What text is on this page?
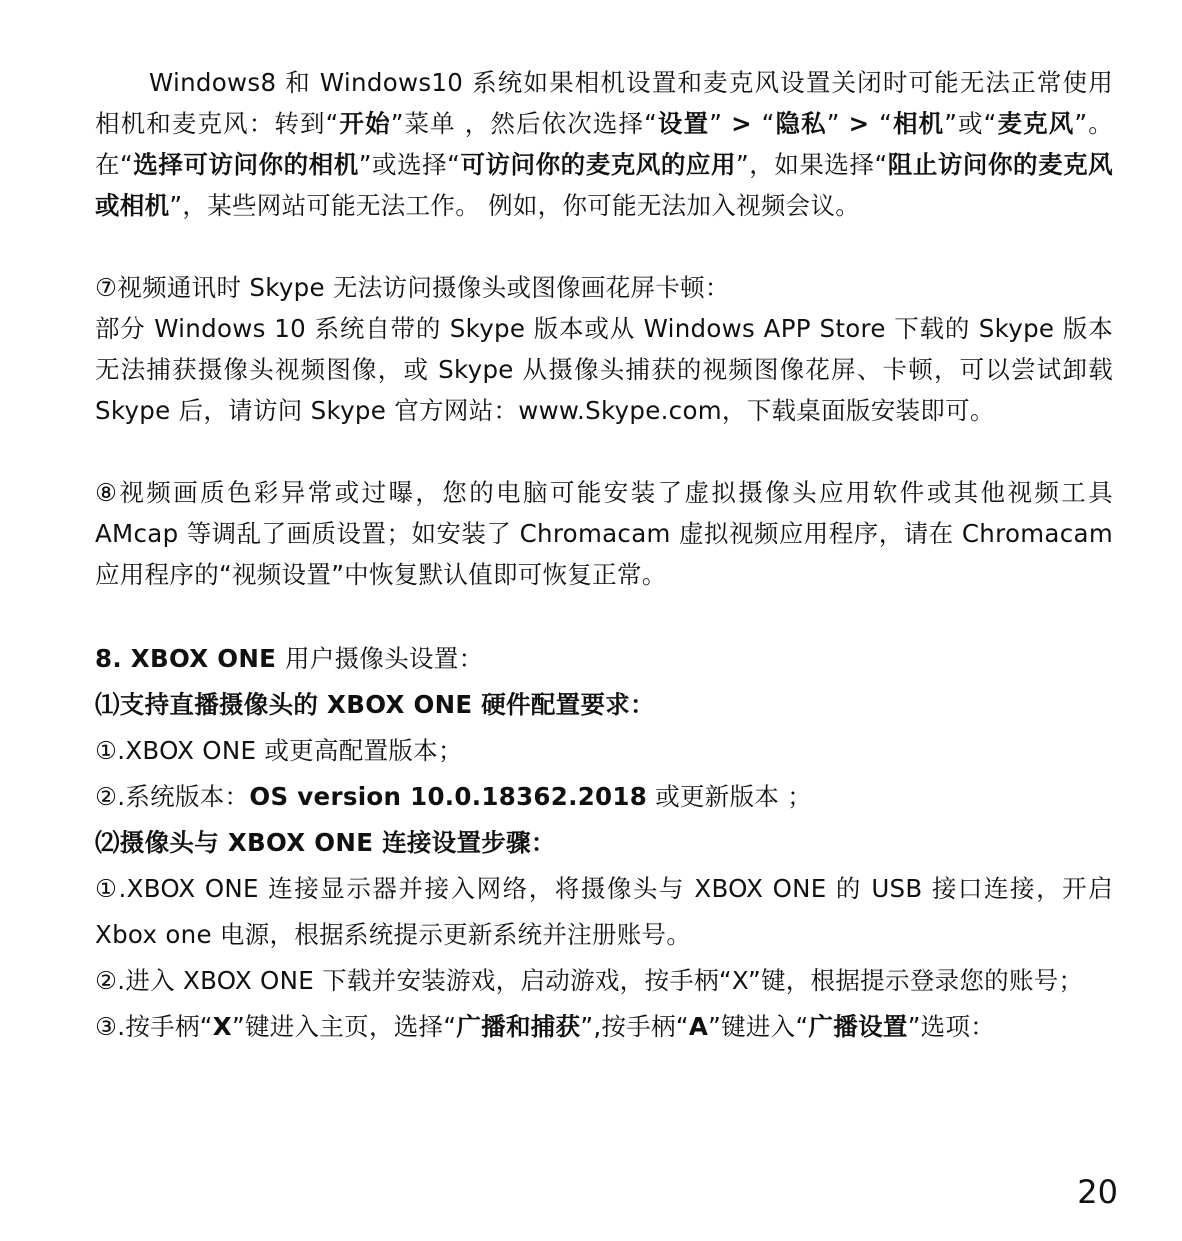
Windows8 和 Windows10 系统如果相机设置和麦克风设置关闭时可能无法正常使用相机和麦克风：转到“开始”菜单 ，然后依次选择“设置” > “隐私” > “相机”或“麦克风”。在“选择可访问你的相机”或选择“可访问你的麦克风的应用”，如果选择“阻止访问你的麦克风或相机”，某些网站可能无法工作。 例如，你可能无法加入视频会议。

⑦视频通讯时 Skype 无法访问摄像头或图像画花屏卡顿：

部分 Windows 10 系统自带的 Skype 版本或从 Windows APP Store 下载的 Skype 版本无法捕获摄像头视频图像，或 Skype 从摄像头捕获的视频图像花屏、卡顿，可以尝试卸载 Skype 后，请访问 Skype 官方网站：www.Skype.com，下载桌面版安装即可。

⑧视频画质色彩异常或过曝，您的电脑可能安装了虚拟摄像头应用软件或其他视频工具 AMcap 等调乱了画质设置；如安装了 Chromacam 虚拟视频应用程序，请在 Chromacam 应用程序的“视频设置”中恢复默认值即可恢复正常。

8. XBOX ONE 用户摄像头设置：

⑴支持直播摄像头的 XBOX ONE 硬件配置要求：

①.XBOX ONE 或更高配置版本；

②.系统版本：OS version 10.0.18362.2018 或更新版本 ；

⑵摄像头与 XBOX ONE 连接设置步骤：

①.XBOX ONE 连接显示器并接入网络，将摄像头与 XBOX ONE 的 USB 接口连接，开启 Xbox one 电源，根据系统提示更新系统并注册账号。

②.进入 XBOX ONE 下载并安装游戏，启动游戏，按手柄“X”键，根据提示登录您的账号；

③.按手柄“X”键进入主页，选择“广播和捕获”,按手柄“A”键进入“广播设置”选项：

20
